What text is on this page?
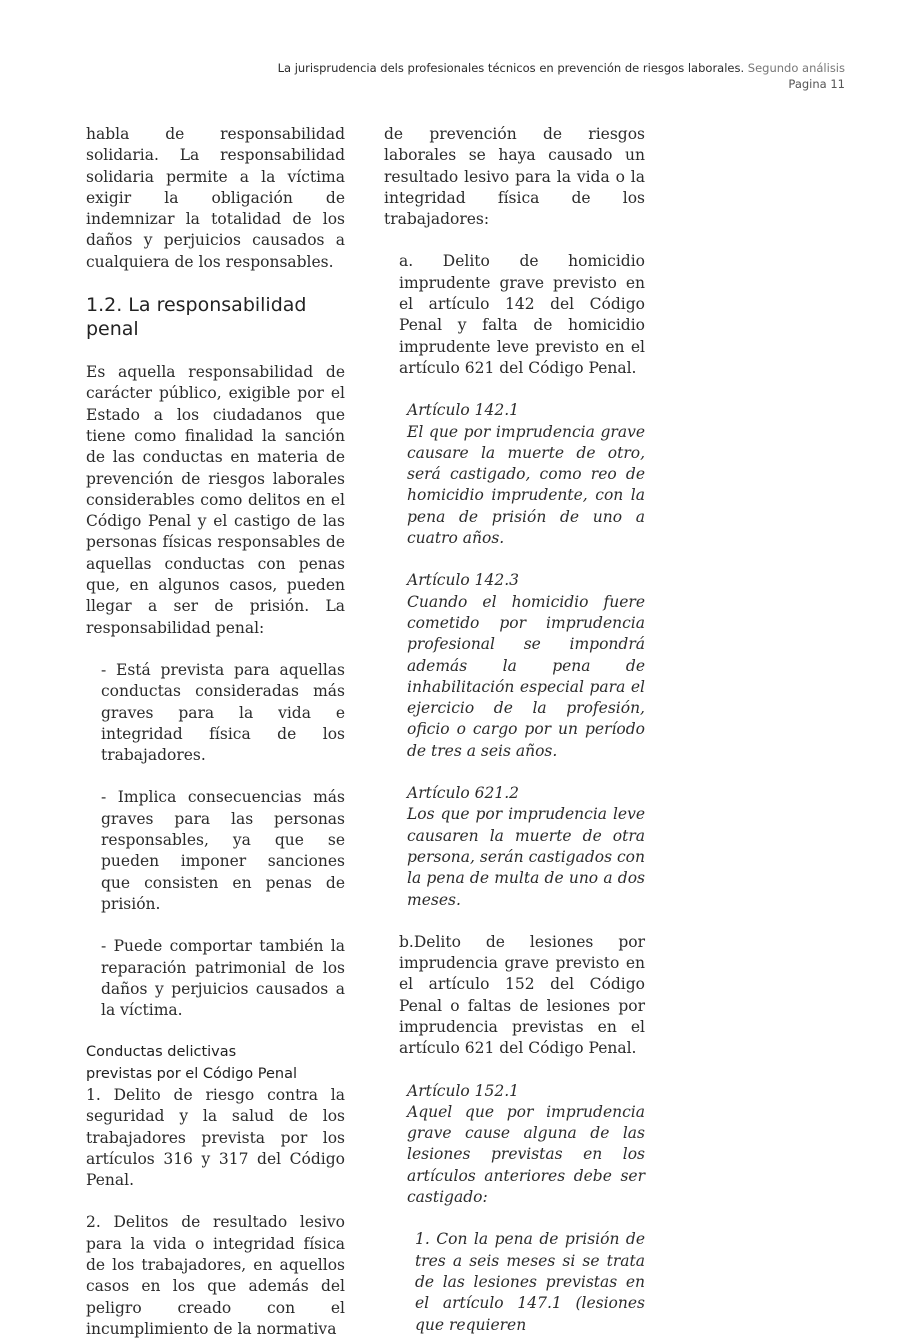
La jurisprudencia dels profesionales técnicos en prevención de riesgos laborales. Segundo análisis
Pagina 11

habla de responsabilidad solidaria. La responsabilidad solidaria permite a la víctima exigir la obligación de indemnizar la totalidad de los daños y perjuicios causados a cualquiera de los responsables.

1.2. La responsabilidad penal

Es aquella responsabilidad de carácter público, exigible por el Estado a los ciudadanos que tiene como finalidad la sanción de las conductas en materia de prevención de riesgos laborales considerables como delitos en el Código Penal y el castigo de las personas físicas responsables de aquellas conductas con penas que, en algunos casos, pueden llegar a ser de prisión. La responsabilidad penal:

- Está prevista para aquellas conductas consideradas más graves para la vida e integridad física de los trabajadores.

- Implica consecuencias más graves para las personas responsables, ya que se pueden imponer sanciones que consisten en penas de prisión.

- Puede comportar también la reparación patrimonial de los daños y perjuicios causados a la víctima.

Conductas delictivas
previstas por el Código Penal

1. Delito de riesgo contra la seguridad y la salud de los trabajadores prevista por los artículos 316 y 317 del Código Penal.

2. Delitos de resultado lesivo para la vida o integridad física de los trabajadores, en aquellos casos en los que además del peligro creado con el incumplimiento de la normativa

de prevención de riesgos laborales se haya causado un resultado lesivo para la vida o la integridad física de los trabajadores:

a. Delito de homicidio imprudente grave previsto en el artículo 142 del Código Penal y falta de homicidio imprudente leve previsto en el artículo 621 del Código Penal.

Artículo 142.1

El que por imprudencia grave causare la muerte de otro, será castigado, como reo de homicidio imprudente, con la pena de prisión de uno a cuatro años.

Artículo 142.3

Cuando el homicidio fuere cometido por imprudencia profesional se impondrá además la pena de inhabilitación especial para el ejercicio de la profesión, oficio o cargo por un período de tres a seis años.

Artículo 621.2

Los que por imprudencia leve causaren la muerte de otra persona, serán castigados con la pena de multa de uno a dos meses.

b.Delito de lesiones por imprudencia grave previsto en el artículo 152 del Código Penal o faltas de lesiones por imprudencia previstas en el artículo 621 del Código Penal.

Artículo 152.1

Aquel que por imprudencia grave cause alguna de las lesiones previstas en los artículos anteriores debe ser castigado:

1. Con la pena de prisión de tres a seis meses si se trata de las lesiones previstas en el artículo 147.1 (lesiones que requieren
